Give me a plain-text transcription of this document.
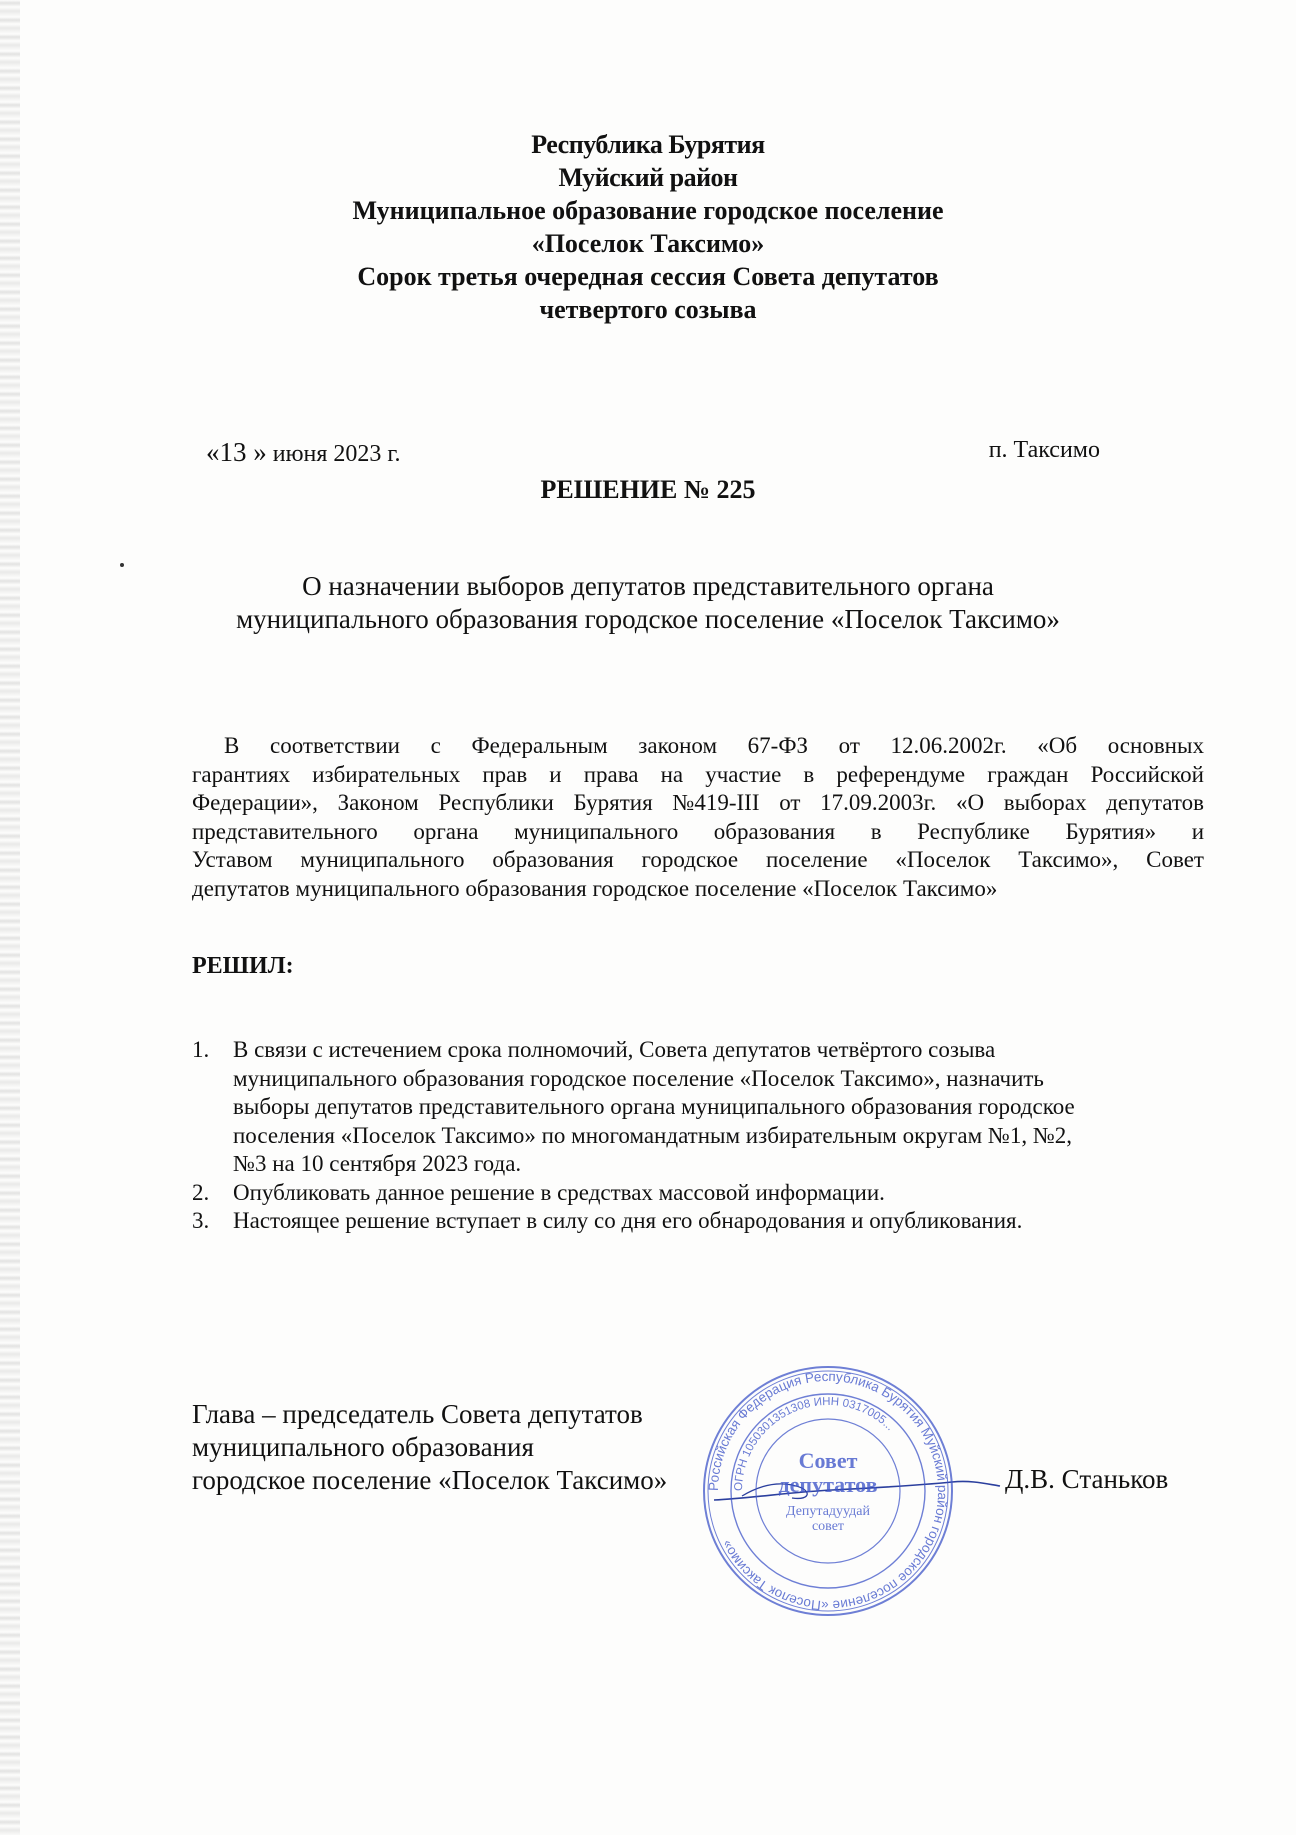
Республика Бурятия
Муйский район
Муниципальное образование городское поселение
«Поселок Таксимо»
Сорок третья очередная сессия Совета депутатов
четвертого созыва
«13 » июня 2023 г.	п. Таксимо
РЕШЕНИЕ № 225
О назначении выборов депутатов представительного органа
муниципального образования городское поселение «Поселок Таксимо»
В соответствии с Федеральным законом 67-ФЗ от 12.06.2002г. «Об основных
гарантиях избирательных прав и права на участие в референдуме граждан Российской
Федерации», Законом Республики Бурятия №419-III от 17.09.2003г. «О выборах депутатов
представительного органа муниципального образования в Республике Бурятия» и
Уставом муниципального образования городское поселение «Поселок Таксимо», Совет
депутатов муниципального образования городское поселение «Поселок Таксимо»
РЕШИЛ:
1.	В связи с истечением срока полномочий, Совета депутатов четвёртого созыва
муниципального образования городское поселение «Поселок Таксимо», назначить
выборы депутатов представительного органа муниципального образования городское
поселения «Поселок Таксимо» по многомандатным избирательным округам №1, №2,
№3 на 10 сентября 2023 года.
2.	Опубликовать данное решение в средствах массовой информации.
3.	Настоящее решение вступает в силу со дня его обнародования и опубликования.
Глава – председатель Совета депутатов
муниципального образования
городское поселение «Поселок Таксимо»	Российская Федерация Республика Бурятия Муйский район городское поселение «Поселок Таксимо»
ОГРН 1050301351308 ИНН 0317005...
Совет
депутатов
Депутадуудай
совет
Д.В. Станьков
